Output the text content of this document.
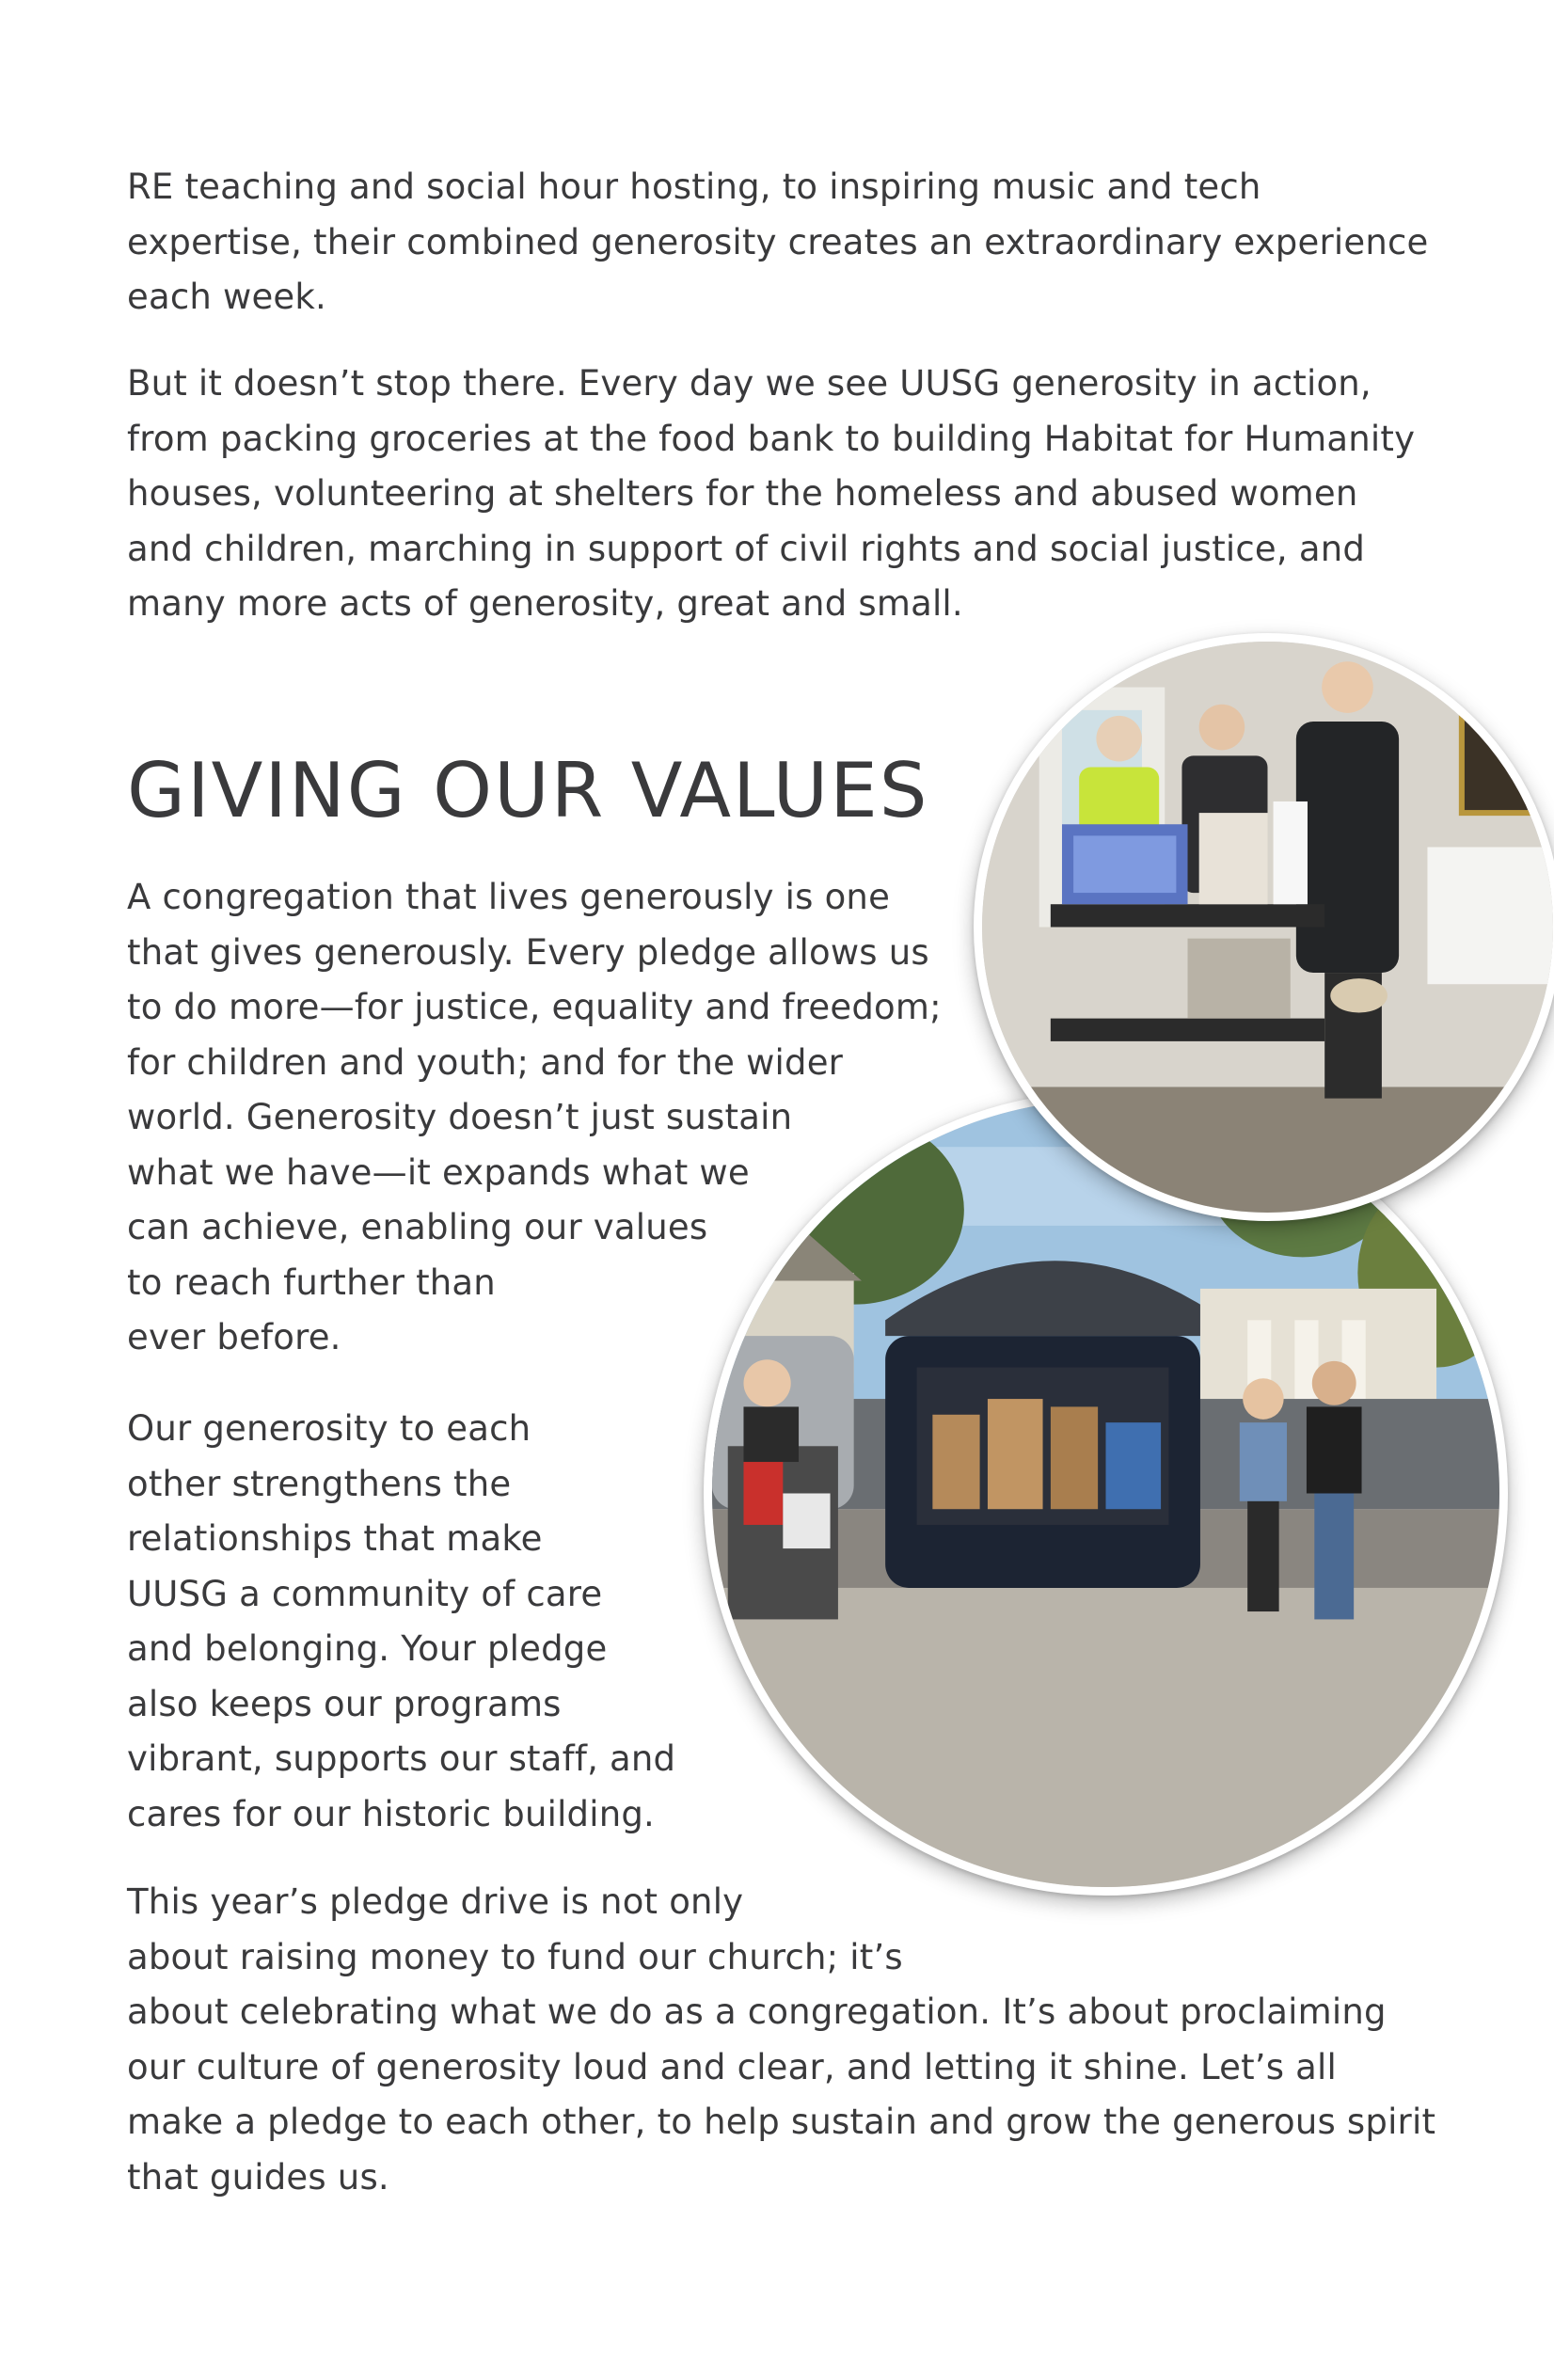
RE teaching and social hour hosting, to inspiring music and tech
expertise, their combined generosity creates an extraordinary experience
each week.

But it doesn’t stop there. Every day we see UUSG generosity in action,
from packing groceries at the food bank to building Habitat for Humanity
houses, volunteering at shelters for the homeless and abused women
and children, marching in support of civil rights and social justice, and
many more acts of generosity, great and small.

GIVING OUR VALUES

A congregation that lives generously is one
that gives generously. Every pledge allows us
to do more—for justice, equality and freedom;
for children and youth; and for the wider
world. Generosity doesn’t just sustain
what we have—it expands what we
can achieve, enabling our values
to reach further than
ever before.

Our generosity to each
other strengthens the
relationships that make
UUSG a community of care
and belonging. Your pledge
also keeps our programs
vibrant, supports our staff, and
cares for our historic building.

This year’s pledge drive is not only
about raising money to fund our church; it’s
about celebrating what we do as a congregation. It’s about proclaiming
our culture of generosity loud and clear, and letting it shine. Let’s all
make a pledge to each other, to help sustain and grow the generous spirit
that guides us.
